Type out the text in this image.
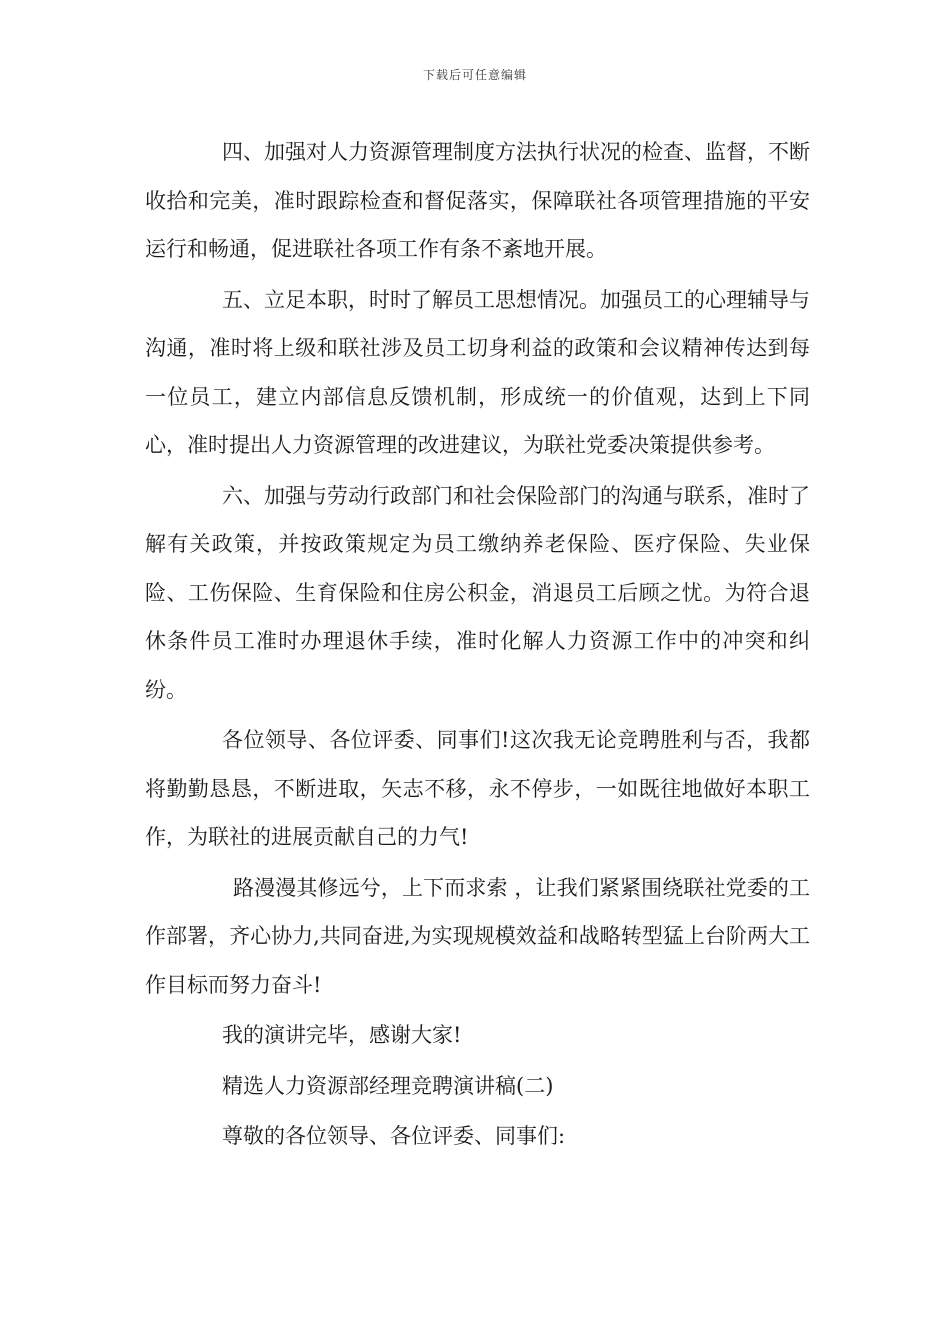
下载后可任意编辑

四、加强对人力资源管理制度方法执行状况的检查、监督，不断收拾和完美，准时跟踪检查和督促落实，保障联社各项管理措施的平安运行和畅通，促进联社各项工作有条不紊地开展。

五、立足本职，时时了解员工思想情况。加强员工的心理辅导与沟通，准时将上级和联社涉及员工切身利益的政策和会议精神传达到每一位员工，建立内部信息反馈机制，形成统一的价值观，达到上下同心，准时提出人力资源管理的改进建议，为联社党委决策提供参考。

六、加强与劳动行政部门和社会保险部门的沟通与联系，准时了解有关政策，并按政策规定为员工缴纳养老保险、医疗保险、失业保险、工伤保险、生育保险和住房公积金，消退员工后顾之忧。为符合退休条件员工准时办理退休手续，准时化解人力资源工作中的冲突和纠纷。

各位领导、各位评委、同事们!这次我无论竞聘胜利与否，我都将勤勤恳恳，不断进取，矢志不移，永不停步，一如既往地做好本职工作，为联社的进展贡献自己的力气!

路漫漫其修远兮，上下而求索 ，让我们紧紧围绕联社党委的工作部署，齐心协力,共同奋进,为实现规模效益和战略转型猛上台阶两大工作目标而努力奋斗!

我的演讲完毕，感谢大家!

精选人力资源部经理竞聘演讲稿(二)

尊敬的各位领导、各位评委、同事们:
